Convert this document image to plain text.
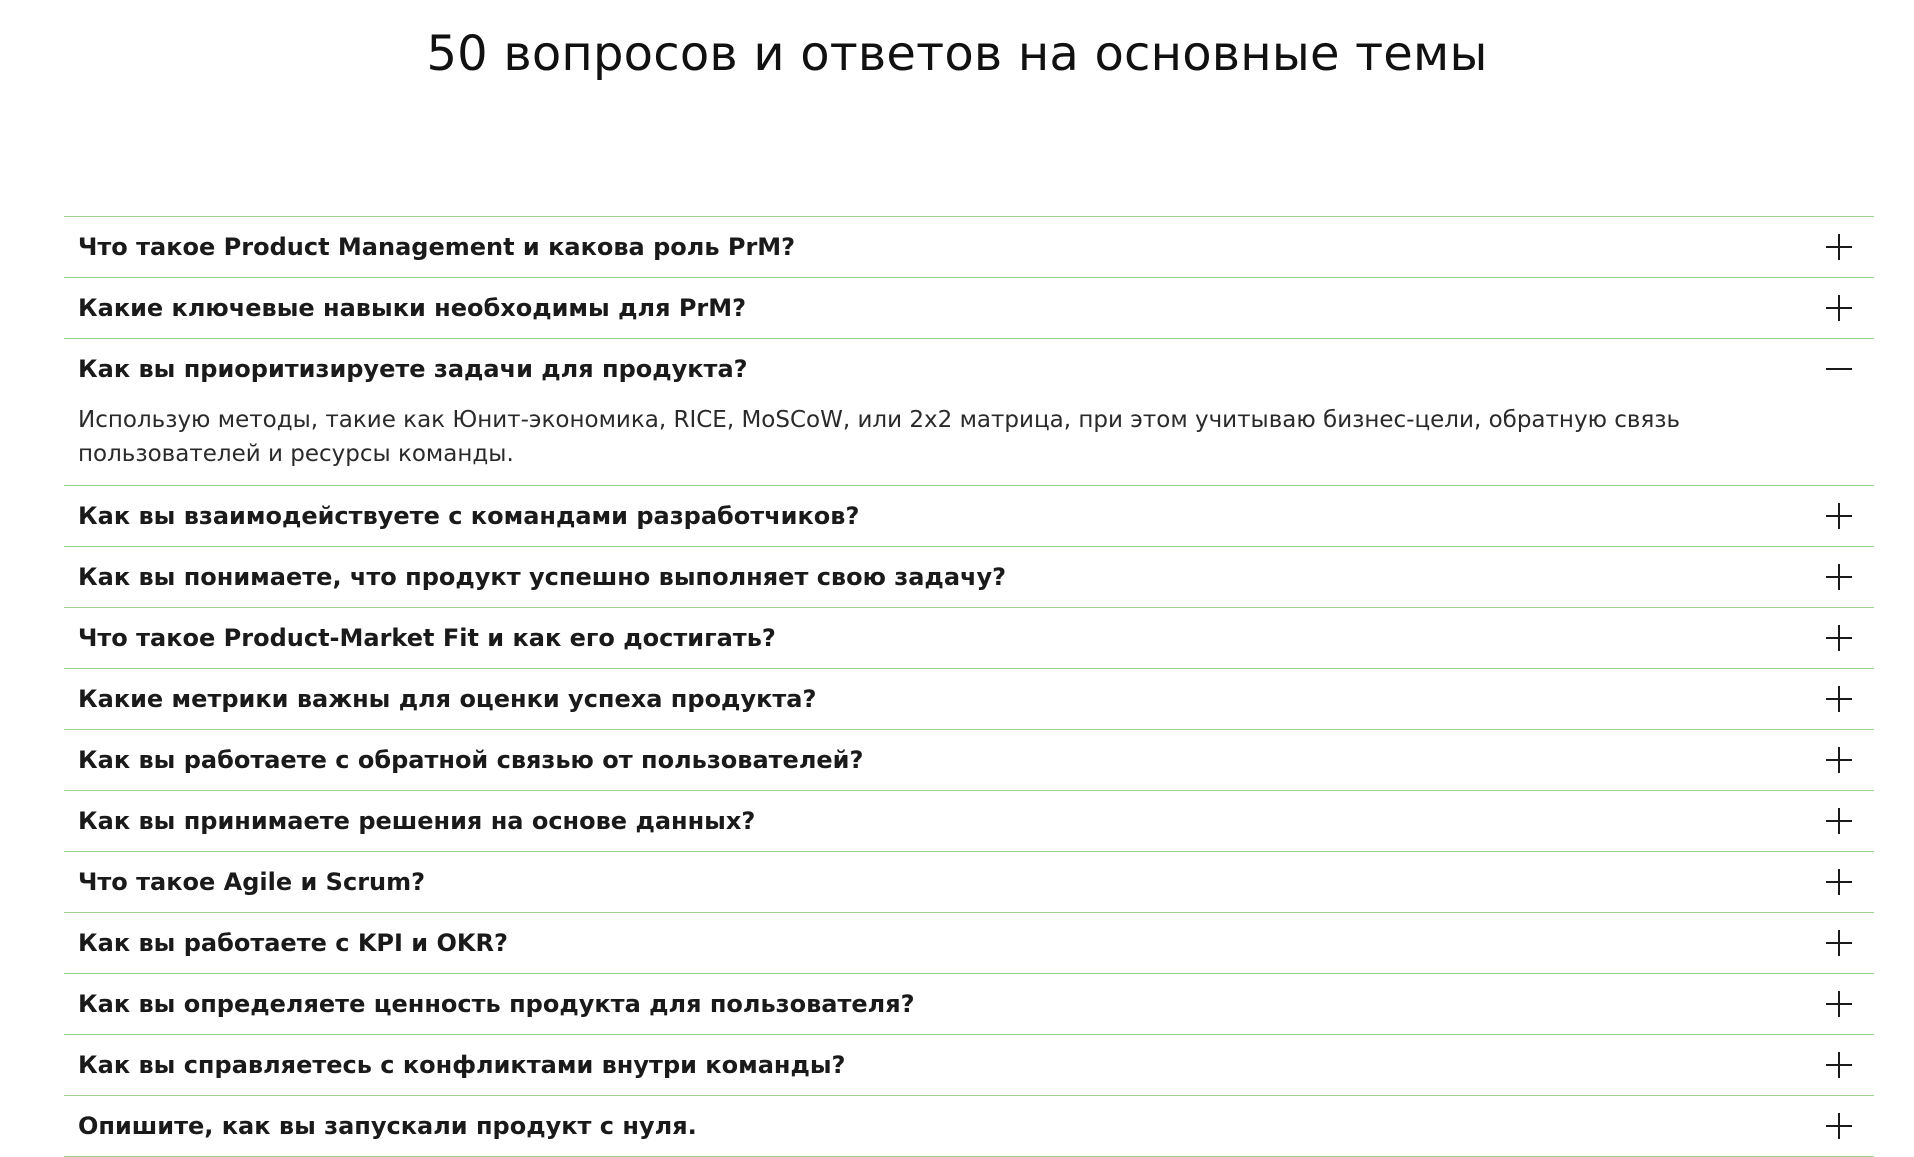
50 вопросов и ответов на основные темы
Что такое Product Management и какова роль PrM?
Какие ключевые навыки необходимы для PrM?
Как вы приоритизируете задачи для продукта?
Использую методы, такие как Юнит-экономика, RICE, MoSCoW, или 2x2 матрица, при этом учитываю бизнес-цели, обратную связь пользователей и ресурсы команды.
Как вы взаимодействуете с командами разработчиков?
Как вы понимаете, что продукт успешно выполняет свою задачу?
Что такое Product-Market Fit и как его достигать?
Какие метрики важны для оценки успеха продукта?
Как вы работаете с обратной связью от пользователей?
Как вы принимаете решения на основе данных?
Что такое Agile и Scrum?
Как вы работаете с KPI и OKR?
Как вы определяете ценность продукта для пользователя?
Как вы справляетесь с конфликтами внутри команды?
Опишите, как вы запускали продукт с нуля.
